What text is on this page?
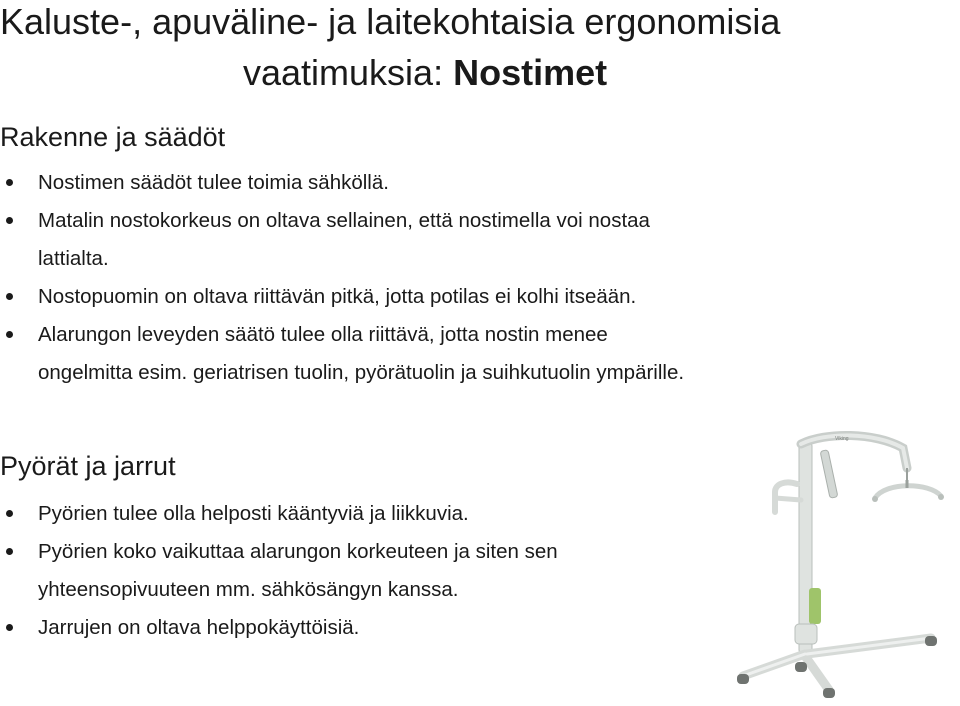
Kaluste-, apuväline- ja laitekohtaisia ergonomisia
vaatimuksia: Nostimet
Rakenne ja säädöt
Nostimen säädöt tulee toimia sähköllä.
Matalin nostokorkeus on oltava sellainen, että nostimella voi nostaa
lattialta.
Nostopuomin on oltava riittävän pitkä, jotta potilas ei kolhi itseään.
Alarungon leveyden säätö tulee olla riittävä, jotta nostin menee
ongelmitta esim. geriatrisen tuolin, pyörätuolin ja suihkutuolin ympärille.
Pyörät ja jarrut
Pyörien tulee olla helposti kääntyviä ja liikkuvia.
Pyörien koko vaikuttaa alarungon korkeuteen ja siten sen
yhteensopivuuteen mm. sähkösängyn kanssa.
Jarrujen on oltava helppokäyttöisiä.
Viking
